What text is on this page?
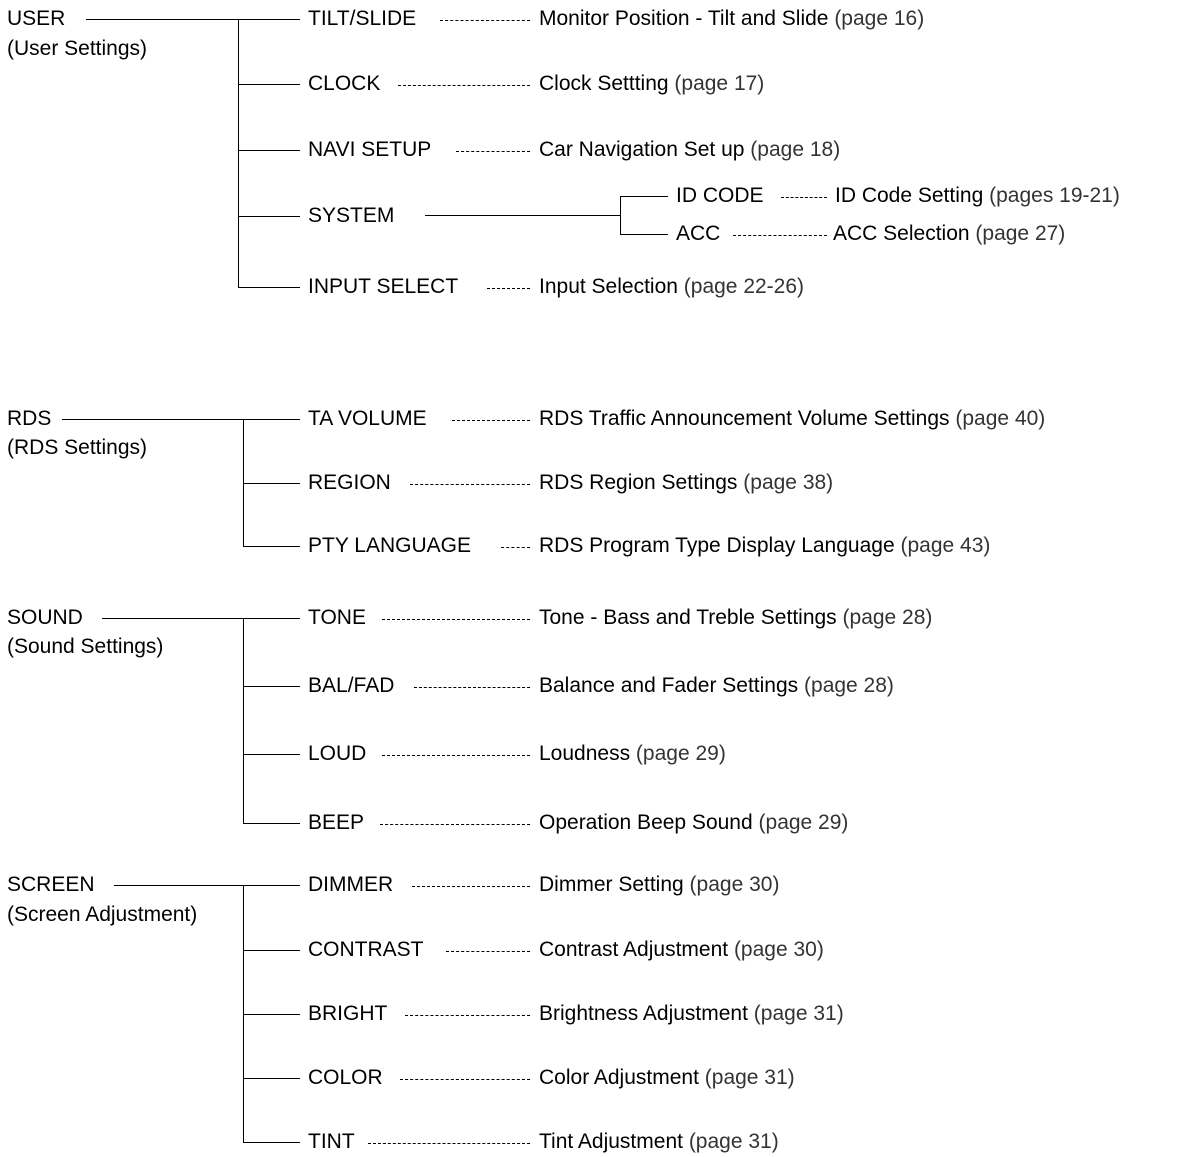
USER
(User Settings)
TILT/SLIDE	Monitor Position - Tilt and Slide (page 16)
CLOCK	Clock Settting (page 17)
NAVI SETUP	Car Navigation Set up (page 18)
SYSTEM
ID CODE	ID Code Setting (pages 19-21)
ACC	ACC Selection (page 27)
INPUT SELECT	Input Selection (page 22-26)
RDS
(RDS Settings)
TA VOLUME	RDS Traffic Announcement Volume Settings (page 40)
REGION	RDS Region Settings (page 38)
PTY LANGUAGE	RDS Program Type Display Language (page 43)
SOUND
(Sound Settings)
TONE	Tone - Bass and Treble Settings (page 28)
BAL/FAD	Balance and Fader Settings (page 28)
LOUD	Loudness (page 29)
BEEP	Operation Beep Sound (page 29)
SCREEN
(Screen Adjustment)
DIMMER	Dimmer Setting (page 30)
CONTRAST	Contrast Adjustment (page 30)
BRIGHT	Brightness Adjustment (page 31)
COLOR	Color Adjustment (page 31)
TINT	Tint Adjustment (page 31)
